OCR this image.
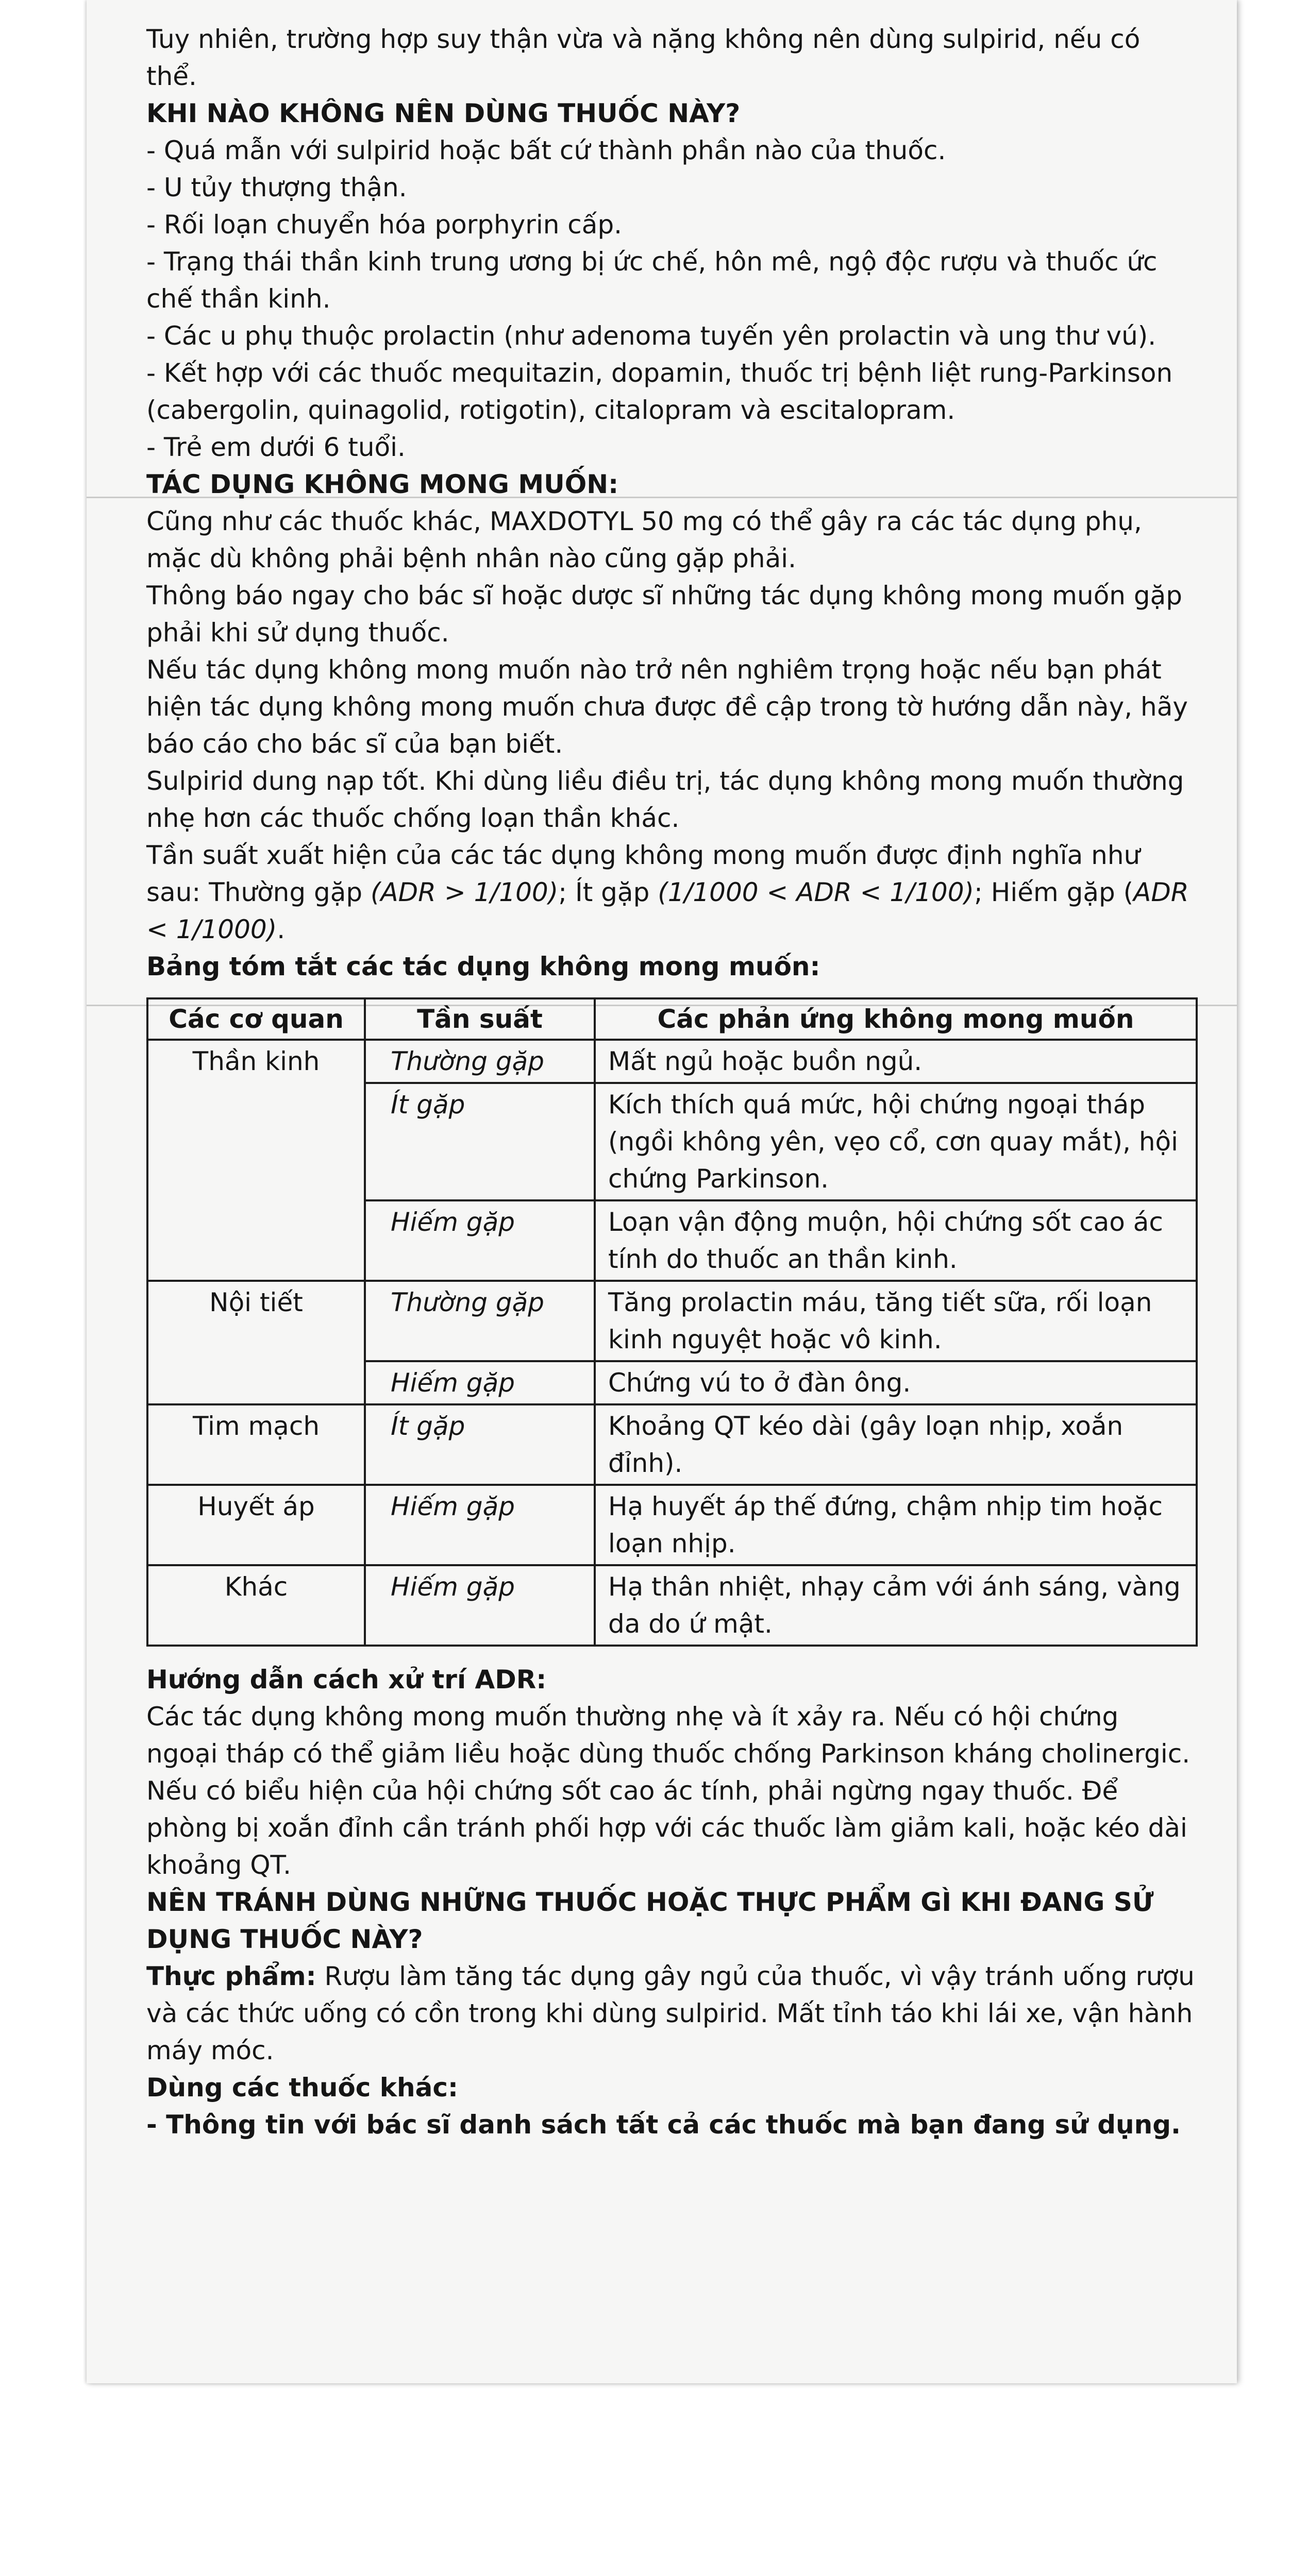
Tuy nhiên, trường hợp suy thận vừa và nặng không nên dùng sulpirid, nếu có thể.

KHI NÀO KHÔNG NÊN DÙNG THUỐC NÀY?

- Quá mẫn với sulpirid hoặc bất cứ thành phần nào của thuốc.

- U tủy thượng thận.

- Rối loạn chuyển hóa porphyrin cấp.

- Trạng thái thần kinh trung ương bị ức chế, hôn mê, ngộ độc rượu và thuốc ức chế thần kinh.

- Các u phụ thuộc prolactin (như adenoma tuyến yên prolactin và ung thư vú).

- Kết hợp với các thuốc mequitazin, dopamin, thuốc trị bệnh liệt rung-Parkinson (cabergolin, quinagolid, rotigotin), citalopram và escitalopram.

- Trẻ em dưới 6 tuổi.

TÁC DỤNG KHÔNG MONG MUỐN:

Cũng như các thuốc khác, MAXDOTYL 50 mg có thể gây ra các tác dụng phụ, mặc dù không phải bệnh nhân nào cũng gặp phải.

Thông báo ngay cho bác sĩ hoặc dược sĩ những tác dụng không mong muốn gặp phải khi sử dụng thuốc.

Nếu tác dụng không mong muốn nào trở nên nghiêm trọng hoặc nếu bạn phát hiện tác dụng không mong muốn chưa được đề cập trong tờ hướng dẫn này, hãy báo cáo cho bác sĩ của bạn biết.

Sulpirid dung nạp tốt. Khi dùng liều điều trị, tác dụng không mong muốn thường nhẹ hơn các thuốc chống loạn thần khác.

Tần suất xuất hiện của các tác dụng không mong muốn được định nghĩa như sau: Thường gặp (ADR > 1/100); Ít gặp (1/1000 < ADR < 1/100); Hiếm gặp (ADR < 1/1000).

Bảng tóm tắt các tác dụng không mong muốn:

Các cơ quan	Tần suất	Các phản ứng không mong muốn
Thần kinh	Thường gặp	Mất ngủ hoặc buồn ngủ.
	Ít gặp	Kích thích quá mức, hội chứng ngoại tháp (ngồi không yên, vẹo cổ, cơn quay mắt), hội chứng Parkinson.
	Hiếm gặp	Loạn vận động muộn, hội chứng sốt cao ác tính do thuốc an thần kinh.
Nội tiết	Thường gặp	Tăng prolactin máu, tăng tiết sữa, rối loạn kinh nguyệt hoặc vô kinh.
	Hiếm gặp	Chứng vú to ở đàn ông.
Tim mạch	Ít gặp	Khoảng QT kéo dài (gây loạn nhịp, xoắn đỉnh).
Huyết áp	Hiếm gặp	Hạ huyết áp thế đứng, chậm nhịp tim hoặc loạn nhịp.
Khác	Hiếm gặp	Hạ thân nhiệt, nhạy cảm với ánh sáng, vàng da do ứ mật.

Hướng dẫn cách xử trí ADR:

Các tác dụng không mong muốn thường nhẹ và ít xảy ra. Nếu có hội chứng ngoại tháp có thể giảm liều hoặc dùng thuốc chống Parkinson kháng cholinergic. Nếu có biểu hiện của hội chứng sốt cao ác tính, phải ngừng ngay thuốc. Để phòng bị xoắn đỉnh cần tránh phối hợp với các thuốc làm giảm kali, hoặc kéo dài khoảng QT.

NÊN TRÁNH DÙNG NHỮNG THUỐC HOẶC THỰC PHẨM GÌ KHI ĐANG SỬ DỤNG THUỐC NÀY?

Thực phẩm: Rượu làm tăng tác dụng gây ngủ của thuốc, vì vậy tránh uống rượu và các thức uống có cồn trong khi dùng sulpirid. Mất tỉnh táo khi lái xe, vận hành máy móc.

Dùng các thuốc khác:

- Thông tin với bác sĩ danh sách tất cả các thuốc mà bạn đang sử dụng.
